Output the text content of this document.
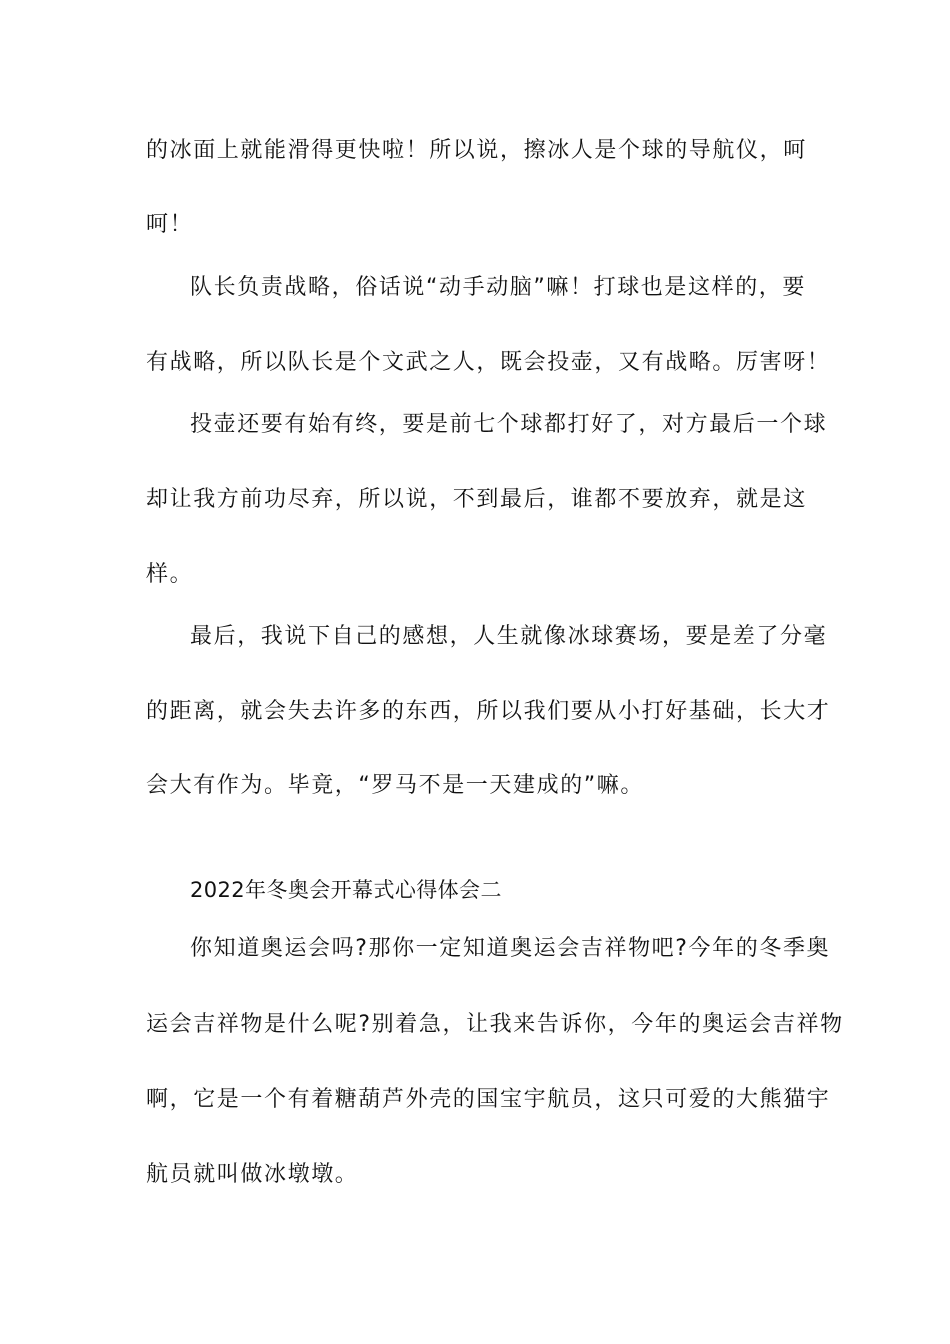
的冰面上就能滑得更快啦！所以说，擦冰人是个球的导航仪，呵
呵！
队长负责战略，俗话说“动手动脑”嘛！打球也是这样的，要
有战略，所以队长是个文武之人，既会投壶，又有战略。厉害呀！
投壶还要有始有终，要是前七个球都打好了，对方最后一个球
却让我方前功尽弃，所以说，不到最后，谁都不要放弃，就是这
样。
最后，我说下自己的感想，人生就像冰球赛场，要是差了分毫
的距离，就会失去许多的东西，所以我们要从小打好基础，长大才
会大有作为。毕竟，“罗马不是一天建成的”嘛。
2022年冬奥会开幕式心得体会二
你知道奥运会吗?那你一定知道奥运会吉祥物吧?今年的冬季奥
运会吉祥物是什么呢?别着急，让我来告诉你，今年的奥运会吉祥物
啊，它是一个有着糖葫芦外壳的国宝宇航员，这只可爱的大熊猫宇
航员就叫做冰墩墩。
